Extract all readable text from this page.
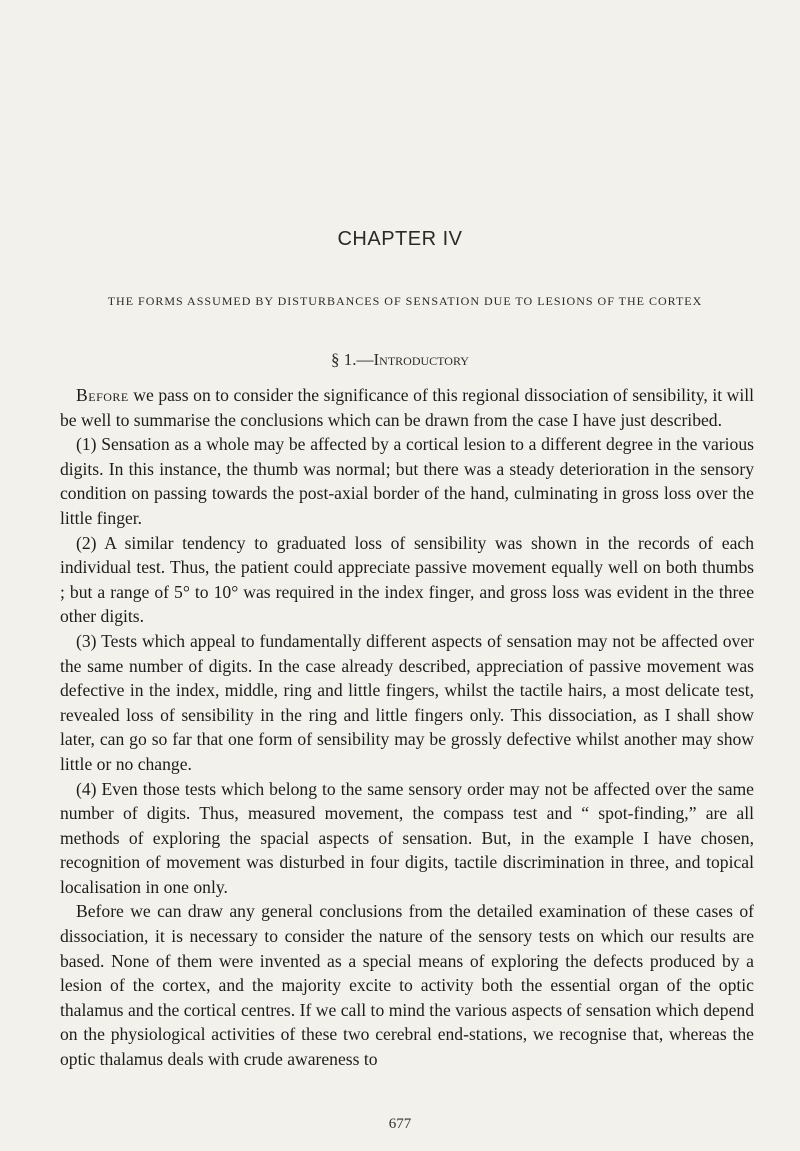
CHAPTER IV
THE FORMS ASSUMED BY DISTURBANCES OF SENSATION DUE TO LESIONS OF THE CORTEX
§ 1.—Introductory

Before we pass on to consider the significance of this regional dissociation of sensibility, it will be well to summarise the conclusions which can be drawn from the case I have just described.

(1) Sensation as a whole may be affected by a cortical lesion to a different degree in the various digits. In this instance, the thumb was normal; but there was a steady deterioration in the sensory condition on passing towards the post-axial border of the hand, culminating in gross loss over the little finger.

(2) A similar tendency to graduated loss of sensibility was shown in the records of each individual test. Thus, the patient could appreciate passive movement equally well on both thumbs ; but a range of 5° to 10° was required in the index finger, and gross loss was evident in the three other digits.

(3) Tests which appeal to fundamentally different aspects of sensation may not be affected over the same number of digits. In the case already described, appreciation of passive movement was defective in the index, middle, ring and little fingers, whilst the tactile hairs, a most delicate test, revealed loss of sensibility in the ring and little fingers only. This dissociation, as I shall show later, can go so far that one form of sensibility may be grossly defective whilst another may show little or no change.

(4) Even those tests which belong to the same sensory order may not be affected over the same number of digits. Thus, measured movement, the compass test and “ spot-finding,” are all methods of exploring the spacial aspects of sensation. But, in the example I have chosen, recognition of movement was disturbed in four digits, tactile discrimination in three, and topical localisation in one only.

Before we can draw any general conclusions from the detailed examination of these cases of dissociation, it is necessary to consider the nature of the sensory tests on which our results are based. None of them were invented as a special means of exploring the defects produced by a lesion of the cortex, and the majority excite to activity both the essential organ of the optic thalamus and the cortical centres. If we call to mind the various aspects of sensation which depend on the physiological activities of these two cerebral end-stations, we recognise that, whereas the optic thalamus deals with crude awareness to

677
